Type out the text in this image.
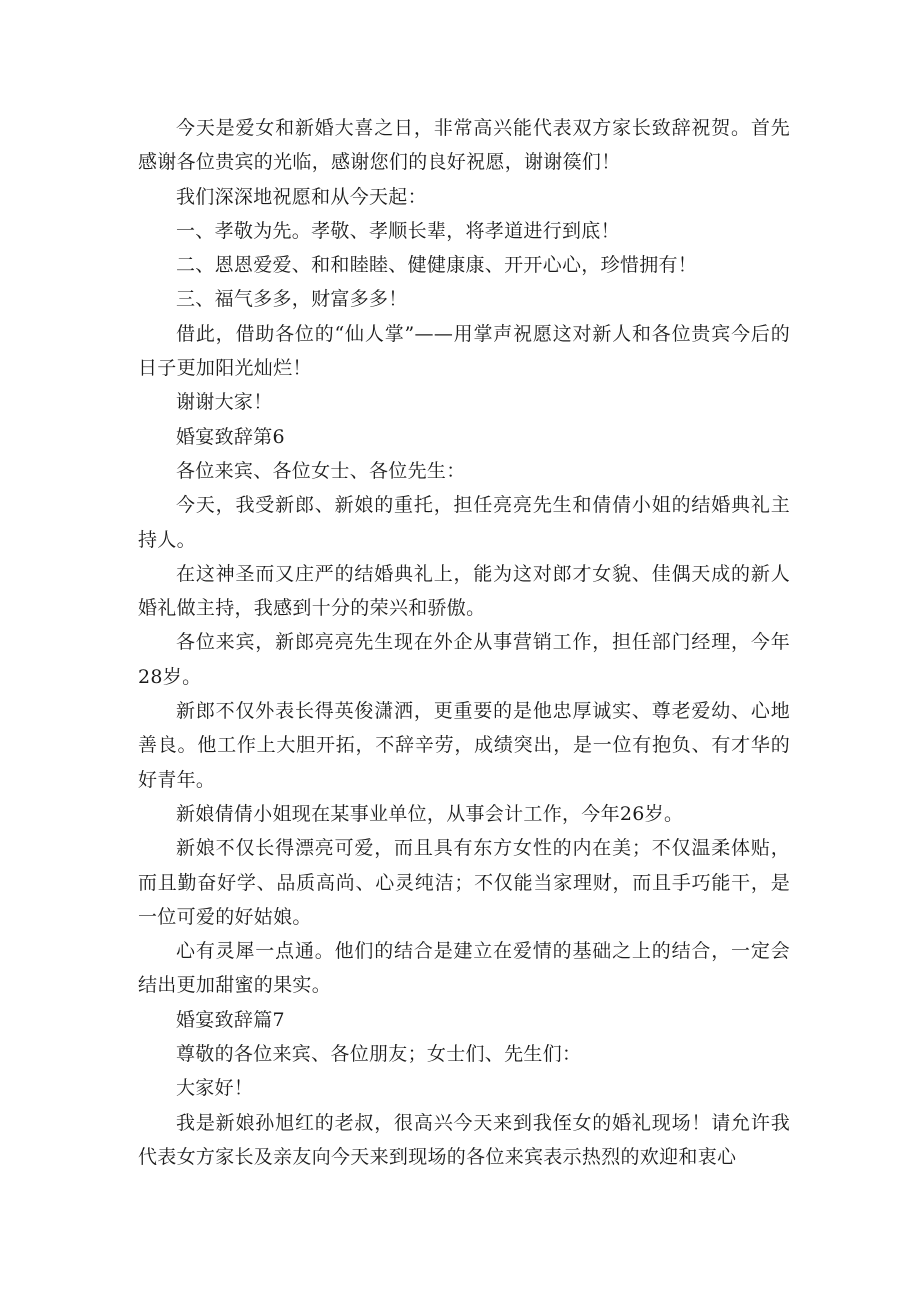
今天是爱女和新婚大喜之日，非常高兴能代表双方家长致辞祝贺。首先感谢各位贵宾的光临，感谢您们的良好祝愿，谢谢篌们！

我们深深地祝愿和从今天起：

一、孝敬为先。孝敬、孝顺长辈，将孝道进行到底！

二、恩恩爱爱、和和睦睦、健健康康、开开心心，珍惜拥有！

三、福气多多，财富多多！

借此，借助各位的“仙人掌”——用掌声祝愿这对新人和各位贵宾今后的日子更加阳光灿烂！

谢谢大家！

婚宴致辞第6

各位来宾、各位女士、各位先生：

今天，我受新郎、新娘的重托，担任亮亮先生和倩倩小姐的结婚典礼主持人。

在这神圣而又庄严的结婚典礼上，能为这对郎才女貌、佳偶天成的新人婚礼做主持，我感到十分的荣兴和骄傲。

各位来宾，新郎亮亮先生现在外企从事营销工作，担任部门经理，今年28岁。

新郎不仅外表长得英俊潇洒，更重要的是他忠厚诚实、尊老爱幼、心地善良。他工作上大胆开拓，不辞辛劳，成绩突出，是一位有抱负、有才华的好青年。

新娘倩倩小姐现在某事业单位，从事会计工作，今年26岁。

新娘不仅长得漂亮可爱，而且具有东方女性的内在美；不仅温柔体贴，而且勤奋好学、品质高尚、心灵纯洁；不仅能当家理财，而且手巧能干，是一位可爱的好姑娘。

心有灵犀一点通。他们的结合是建立在爱情的基础之上的结合，一定会结出更加甜蜜的果实。

婚宴致辞篇7

尊敬的各位来宾、各位朋友；女士们、先生们：

大家好！

我是新娘孙旭红的老叔，很高兴今天来到我侄女的婚礼现场！请允许我代表女方家长及亲友向今天来到现场的各位来宾表示热烈的欢迎和衷心
